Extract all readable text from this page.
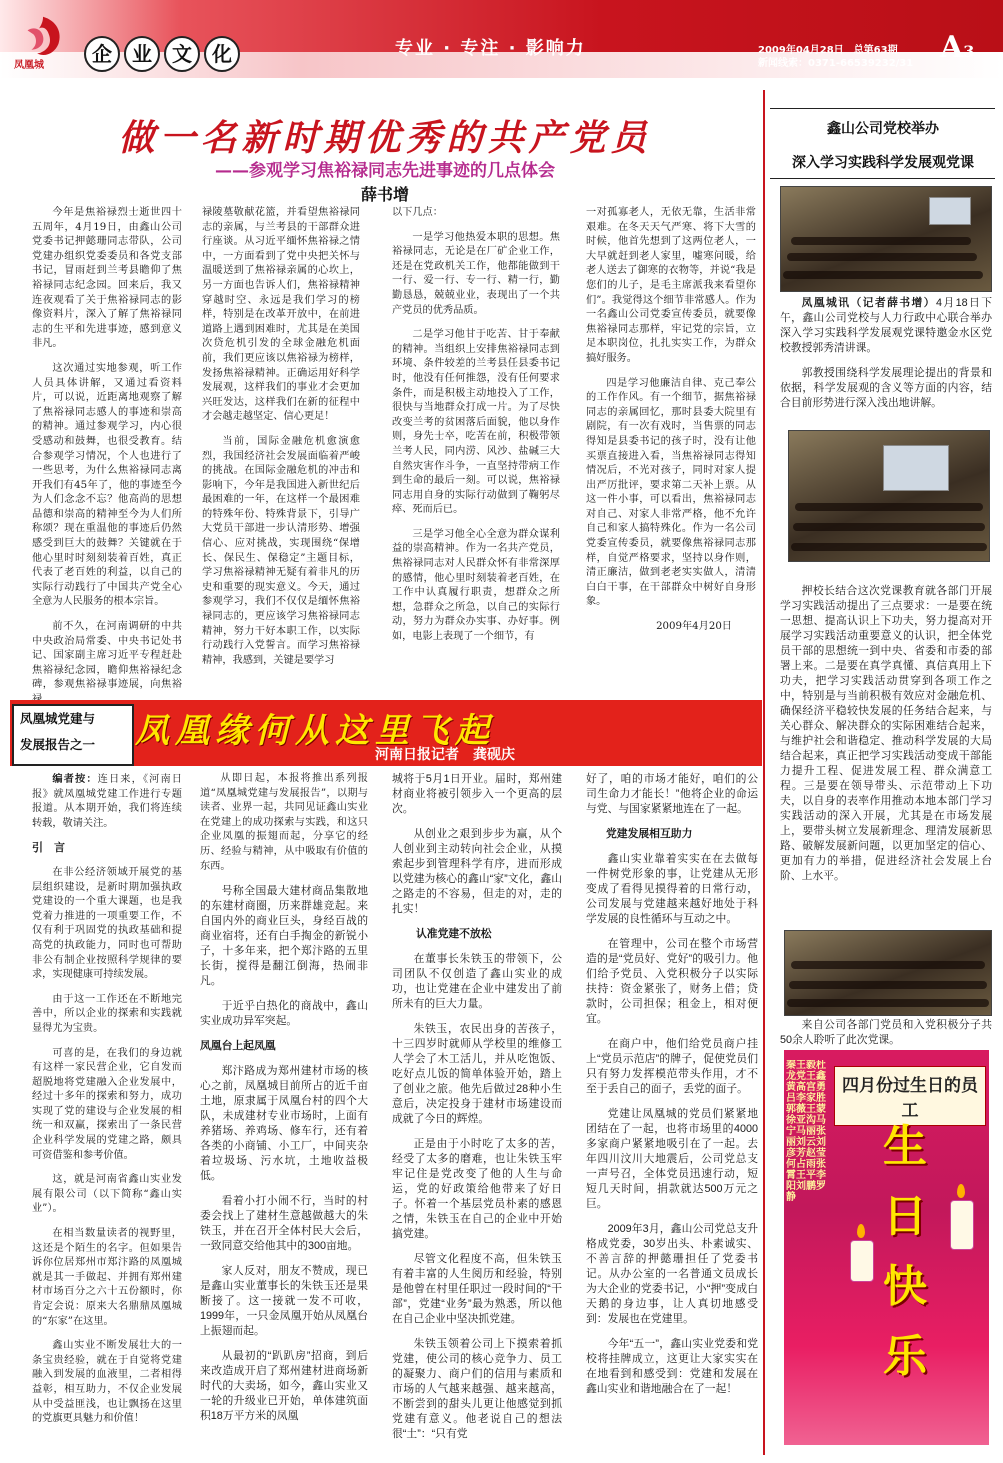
凤凰城	企	业	文	化	专业 · 专注 · 影响力	2009年04月28日　总第63期
新闻线索：0371-66539232/31 A3
做一名新时期优秀的共产党员
——参观学习焦裕禄同志先进事迹的几点体会
薛书增

今年是焦裕禄烈士逝世四十五周年，4月19日，由鑫山公司党委书记押懿珊同志带队，公司党建办组织党委委员和各党支部书记，冒雨赶到兰考县瞻仰了焦裕禄同志纪念园。回来后，我又连夜观看了关于焦裕禄同志的影像资料片，深入了解了焦裕禄同志的生平和先进事迹，感到意义非凡。

这次通过实地参观，听工作人员具体讲解，又通过看资料片，可以说，近距离地观察了解了焦裕禄同志感人的事迹和崇高的精神。通过参观学习，内心很受感动和鼓舞，也很受教育。结合参观学习情况，个人也进行了一些思考，为什么焦裕禄同志离开我们有45年了，他的事迹至今为人们念念不忘？他高尚的思想品德和崇高的精神至今为人们所称颂？现在重温他的事迹后仍然感受到巨大的鼓舞？关键就在于他心里时时刻刻装着百姓，真正代表了老百姓的利益，以自己的实际行动践行了中国共产党全心全意为人民服务的根本宗旨。

前不久，在河南调研的中共中央政治局常委、中央书记处书记、国家副主席习近平专程赶赴焦裕禄纪念园，瞻仰焦裕禄纪念碑，参观焦裕禄事迹展，向焦裕

禄陵墓敬献花篮，并看望焦裕禄同志的亲属，与兰考县的干部群众进行座谈。从习近平缅怀焦裕禄之情中，一方面看到了党中央把关怀与温暖送到了焦裕禄亲属的心坎上，另一方面也告诉人们，焦裕禄精神穿越时空、永远是我们学习的榜样，特别是在改革开放中，在前进道路上遇到困难时，尤其是在美国次贷危机引发的全球金融危机面前，我们更应该以焦裕禄为榜样，发扬焦裕禄精神。正确运用好科学发展观，这样我们的事业才会更加兴旺发达，这样我们在新的征程中才会越走越坚定、信心更足！

当前，国际金融危机愈演愈烈，我国经济社会发展面临着严峻的挑战。在国际金融危机的冲击和影响下，今年是我国进入新世纪后最困难的一年，在这样一个最困难的特殊年份、特殊背景下，引导广大党员干部进一步认清形势、增强信心、应对挑战，实现围绕“保增长、保民生、保稳定”主题目标，学习焦裕禄精神无疑有着非凡的历史和重要的现实意义。今天，通过参观学习，我们不仅仅是缅怀焦裕禄同志的，更应该学习焦裕禄同志精神，努力干好本职工作，以实际行动践行入党誓言。而学习焦裕禄精神，我感到，关键是要学习

以下几点：

一是学习他热爱本职的思想。焦裕禄同志，无论是在厂矿企业工作，还是在党政机关工作，他都能做到干一行、爱一行、专一行、精一行，勤勤恳恳，兢兢业业，表现出了一个共产党员的优秀品质。

二是学习他甘于吃苦、甘于奉献的精神。当组织上安排焦裕禄同志到环境、条件较差的兰考县任县委书记时，他没有任何推怨，没有任何要求条件，而是积极主动地投入了工作，很快与当地群众打成一片。为了尽快改变兰考的贫困落后面貌，他以身作则，身先士卒，吃苦在前，积极带领兰考人民，同内涝、风沙、盐碱三大自然灾害作斗争，一直坚持带病工作到生命的最后一刻。可以说，焦裕禄同志用自身的实际行动做到了鞠躬尽瘁、死而后已。

三是学习他全心全意为群众谋利益的崇高精神。作为一名共产党员，焦裕禄同志对人民群众怀有非常深厚的感情，他心里时刻装着老百姓，在工作中认真履行职责，想群众之所想，急群众之所急，以自己的实际行动，努力为群众办实事、办好事。例如，电影上表现了一个细节，有

一对孤寡老人，无依无靠，生活非常艰难。在冬天天气严寒、将下大雪的时候，他首先想到了这两位老人，一大早就赶到老人家里，嘘寒问暖，给老人送去了御寒的衣物等，并说“我是您们的儿子，是毛主席派我来看望你们”。我觉得这个细节非常感人。作为一名鑫山公司党委宣传委员，就要像焦裕禄同志那样，牢记党的宗旨，立足本职岗位，扎扎实实工作，为群众搞好服务。

四是学习他廉洁自律、克己奉公的工作作风。有一个细节，据焦裕禄同志的亲属回忆，那时县委大院里有剧院，有一次有戏时，当售票的同志得知是县委书记的孩子时，没有让他买票直接进入看，当焦裕禄同志得知情况后，不光对孩子，同时对家人提出严厉批评，要求第二天补上票。从这一件小事，可以看出，焦裕禄同志对自己、对家人非常严格，他不允许自己和家人搞特殊化。作为一名公司党委宣传委员，就要像焦裕禄同志那样，自觉严格要求，坚持以身作则，清正廉洁，做到老老实实做人，清清白白干事，在干部群众中树好自身形象。

2009年4月20日

凤凰城党建与
发展报告之一	凤凰缘何从这里飞起
河南日报记者　龚砚庆

编者按：连日来，《河南日报》就凤凰城党建工作进行专题报道。从本期开始，我们将连续转载，敬请关注。

引　言

在非公经济领域开展党的基层组织建设，是新时期加强执政党建设的一个重大课题，也是我党着力推进的一项重要工作，不仅有利于巩固党的执政基础和提高党的执政能力，同时也可帮助非公有制企业按照科学规律的要求，实现健康可持续发展。

由于这一工作还在不断地完善中，所以企业的探索和实践就显得尤为宝贵。

可喜的是，在我们的身边就有这样一家民营企业，它自发而超脱地将党建融入企业发展中，经过十多年的探索和努力，成功实现了党的建设与企业发展的相统一和双赢，探索出了一条民营企业科学发展的党建之路，颇具可资借鉴和参考价值。

这，就是河南省鑫山实业发展有限公司（以下简称“鑫山实业”）。

在相当数量读者的视野里，这还是个陌生的名字。但如果告诉你位居郑州市郑汴路的凤凰城就是其一手做起、并拥有郑州建材市场百分之六十五份额时，你肯定会说：原来大名鼎鼎凤凰城的“东家”在这里。

鑫山实业不断发展壮大的一条宝贵经验，就在于自觉将党建融入到发展的血液里，二者相得益彰，相互助力，不仅企业发展从中受益匪浅，也让飘扬在这里的党旗更具魅力和价值！

从即日起，本报将推出系列报道“凤凰城党建与发展报告”，以期与读者、业界一起，共同见证鑫山实业在党建上的成功探索与实践，和这只企业凤凰的振翅而起，分享它的经历、经验与精神，从中吸取有价值的东西。

号称全国最大建材商品集散地的东建材商圈，历来群雄竞起。来自国内外的商业巨头，身经百战的商业宿将，还有白手掏金的新锐小子，十多年来，把个郑汴路的五里长街，搅得是翻江倒海，热闹非凡。

于近乎白热化的商战中，鑫山实业成功异军突起。

凤凰台上起凤凰

郑汴路成为郑州建材市场的核心之前，凤凰城目前所占的近千亩土地，原隶属于凤凰台村的四个大队，未成建材专业市场时，上面有养猪场、养鸡场、修车行，还有着各类的小商铺、小工厂，中间夹杂着垃圾场、污水坑，土地收益极低。

看着小打小闹不行，当时的村委会找上了建材生意越做越大的朱铁玉，并在召开全体村民大会后，一致同意交给他其中的300亩地。

家人反对，朋友不赞成，现已是鑫山实业董事长的朱铁玉还是果断接了。这一接就一发不可收，1999年，一只金凤凰开始从凤凰台上振翅而起。

从最初的“趴趴房”招商，到后来改造成开启了郑州建材进商场新时代的大卖场，如今，鑫山实业又一轮的升级业已开始，单体建筑面积18万平方米的凤凰

城将于5月1日开业。届时，郑州建材商业将被引领步入一个更高的层次。

从创业之艰到步步为赢，从个人创业到主动转向社会企业，从摸索起步到管理科学有序，进而形成以党建为核心的鑫山“家”文化，鑫山之路走的不容易，但走的对，走的扎实！

认准党建不放松

在董事长朱铁玉的带领下，公司团队不仅创造了鑫山实业的成功，也让党建在企业中建发出了前所未有的巨大力量。

朱铁玉，农民出身的苦孩子，十三四岁时就师从学校里的维修工人学会了木工活儿，并从吃饱饭、吃好点儿饭的简单体验开始，踏上了创业之旅。他先后做过28种小生意后，决定投身于建材市场建设而成就了今日的辉煌。

正是由于小时吃了太多的苦，经受了太多的磨难，也让朱铁玉牢牢记住是党改变了他的人生与命运，党的好政策给他带来了好日子。怀着一个基层党员朴素的感恩之情，朱铁玉在自己的企业中开始搞党建。

尽管文化程度不高，但朱铁玉有着丰富的人生阅历和经验，特别是他曾在村里任职过一段时间的“干部”，党建“业务”最为熟悉，所以他在自己企业中坚决抓党建。

朱铁玉领着公司上下摸索着抓党建，使公司的核心竞争力、员工的凝聚力、商户们的信用与素质和市场的人气越来越强、越来越高，不断尝到的甜头儿更让他感觉到抓党建有意义。他老说自己的想法很“土”：“只有党

好了，咱的市场才能好，咱们的公司生命力才能长！”他将企业的命运与党、与国家紧紧地连在了一起。

党建发展相互助力

鑫山实业靠着实实在在去做每一件树党形象的事，让党建从无形变成了看得见摸得着的日常行动，公司发展与党建越来越好地处于科学发展的良性循环与互动之中。

在管理中，公司在整个市场营造的是“党员好、党好”的吸引力。他们给予党员、入党积极分子以实际扶持：资金紧张了，财务上借；贷款时，公司担保；租金上，相对便宜。

在商户中，他们给党员商户挂上“党员示范店”的牌子，促使党员们只有努力发挥模范带头作用，才不至于丢自己的面子，丢党的面子。

党建让凤凰城的党员们紧紧地团结在了一起，也将市场里的4000多家商户紧紧地吸引在了一起。去年四川汶川大地震后，公司党总支一声号召，全体党员迅速行动，短短几天时间，捐款就达500万元之巨。

2009年3月，鑫山公司党总支升格成党委，30岁出头、朴素诚实、不善言辞的押懿珊担任了党委书记。从办公室的一名普通文员成长为大企业的党委书记，小“押”变成白天鹅的身边事，让人真切地感受到：发展也在党建里。

今年“五一”，鑫山实业党委和党校将挂牌成立，这更让大家实实在在地看到和感受到：党建和发展在鑫山实业和谐地融合在了一起！

鑫山公司党校举办
深入学习实践科学发展观党课

凤凰城讯（记者薛书增）4月18日下午，鑫山公司党校与人力行政中心联合举办深入学习实践科学发展观党课特邀金水区党校教授郭秀清讲课。

郭教授围绕科学发展理论提出的背景和依据，科学发展观的含义等方面的内容，结合目前形势进行深入浅出地讲解。

押校长结合这次党课教育就各部门开展学习实践活动提出了三点要求：一是要在统一思想、提高认识上下功夫，努力提高对开展学习实践活动重要意义的认识，把全体党员干部的思想统一到中央、省委和市委的部署上来。二是要在真学真懂、真信真用上下功夫，把学习实践活动贯穿到各项工作之中，特别是与当前积极有效应对金融危机、确保经济平稳较快发展的任务结合起来，与关心群众、解决群众的实际困难结合起来，与维护社会和谐稳定、推动科学发展的大局结合起来，真正把学习实践活动变成干部能力提升工程、促进发展工程、群众满意工程。三是要在领导带头、示范带动上下功夫，以自身的表率作用推动本地本部门学习实践活动的深入开展，尤其是在市场发展上，要带头树立发展新理念、理清发展新思路、破解发展新问题，以更加坚定的信心、更加有力的举措，促进经济社会发展上台阶、上水平。

来自公司各部门党员和入党积极分子共50余人聆听了此次党课。

四月份过生日的员工
秦王毅杜龙党王鑫黄高宫勇吕李家胜郭薇王蒙徐亚沟马宁马丽张丽刘云刘彦芳赵莹何占雨张霄王平李阳刘鹏罗静
生
日
快
乐
